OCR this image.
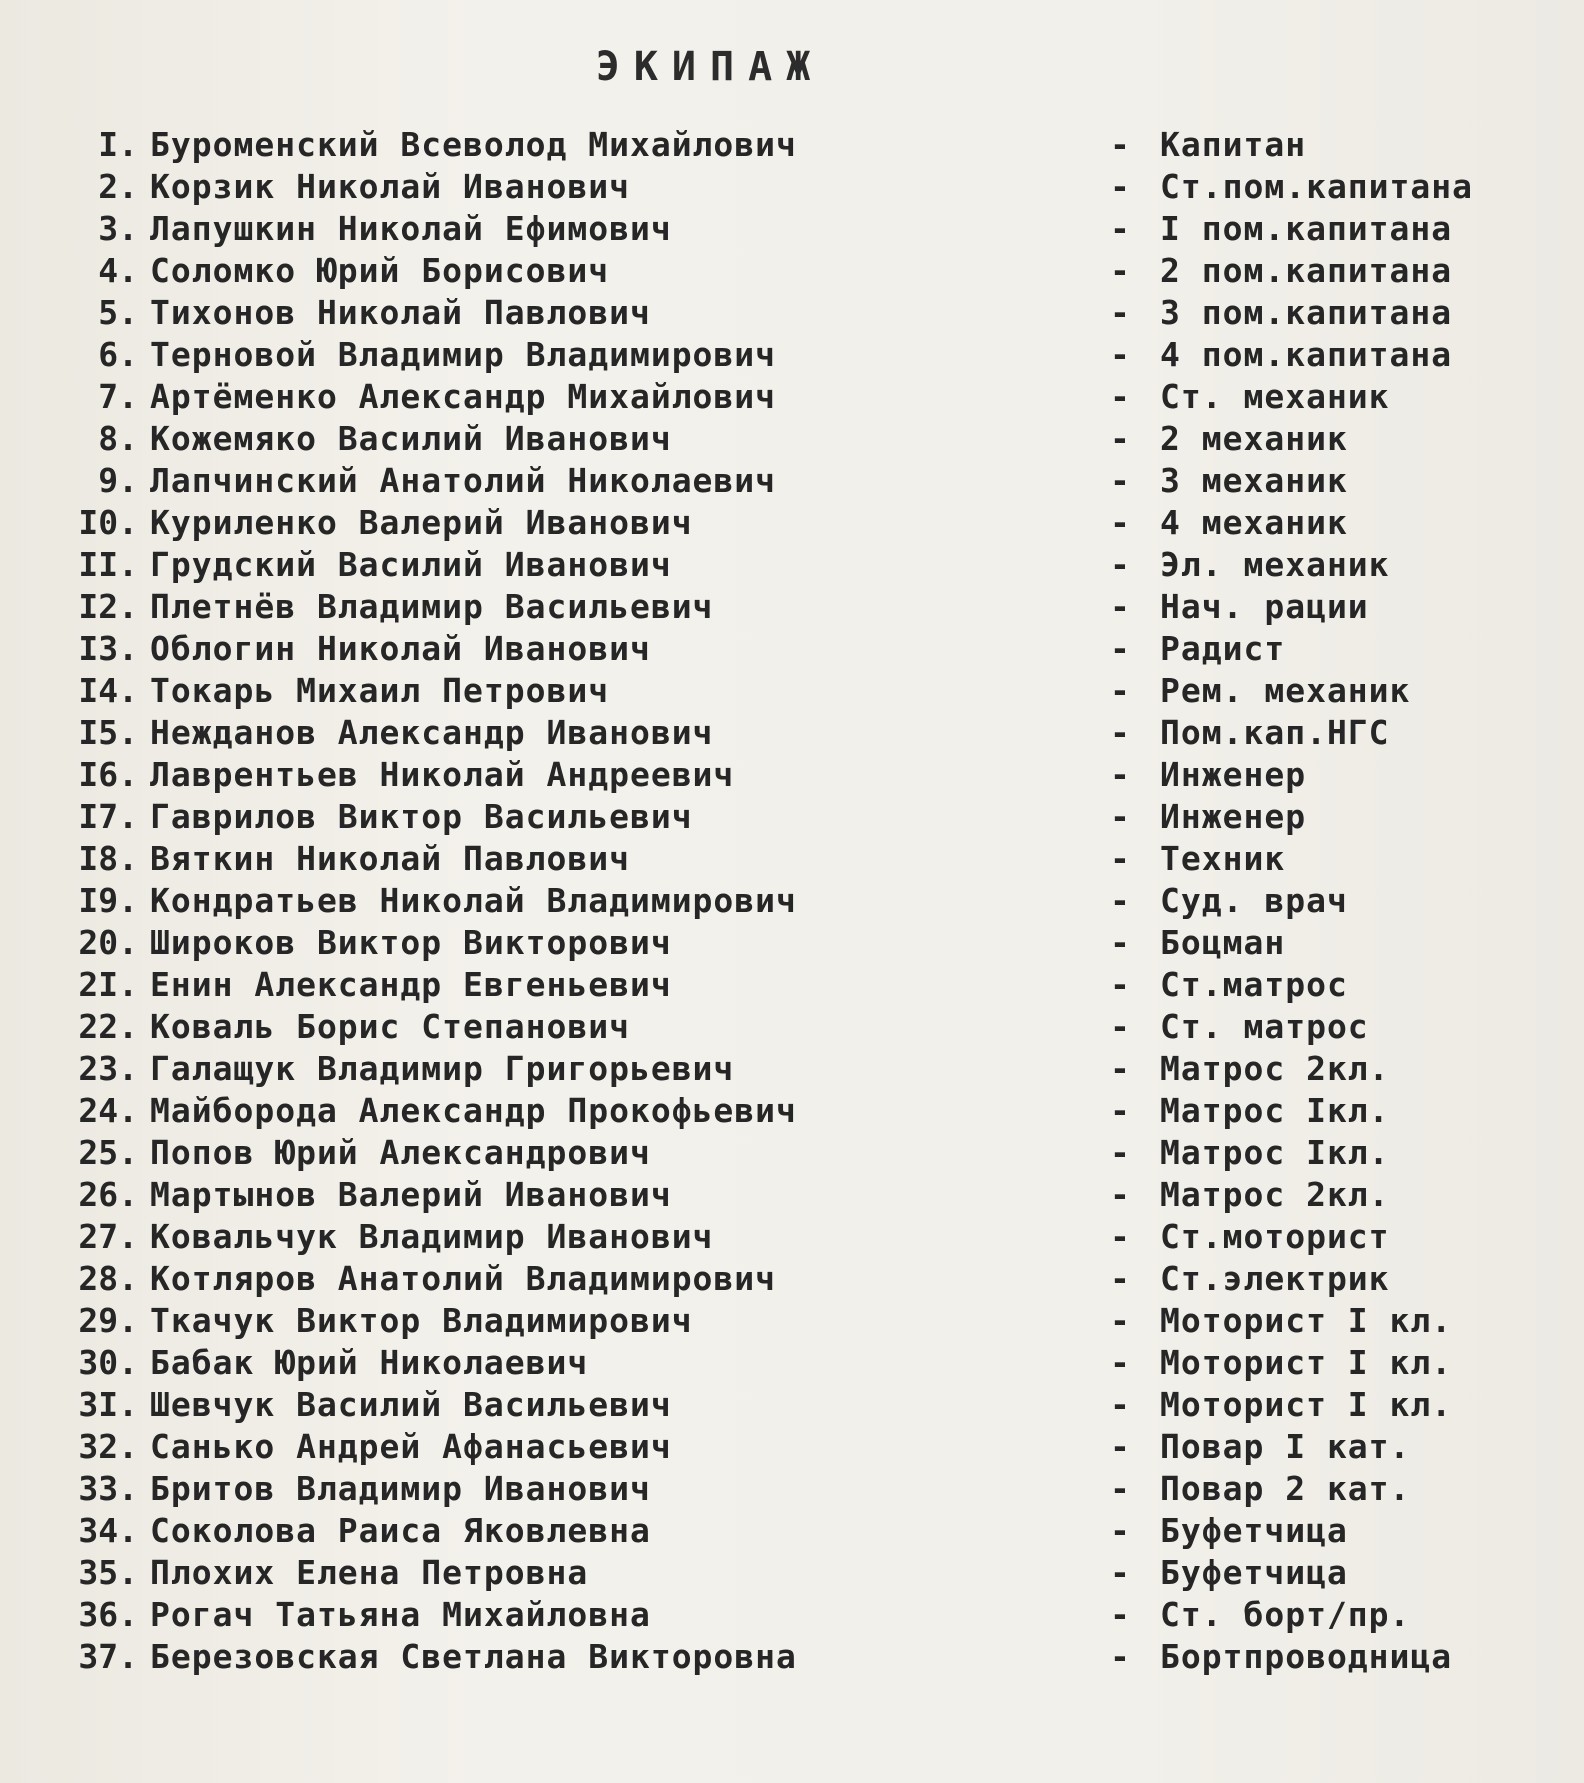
ЭКИПАЖ
I. Буроменский Всеволод Михайлович	- Капитан
2. Корзик Николай Иванович	- Ст.пом.капитана
3. Лапушкин Николай Ефимович	- I пом.капитана
4. Соломко Юрий Борисович	- 2 пом.капитана
5. Тихонов Николай Павлович	- 3 пом.капитана
6. Терновой Владимир Владимирович	- 4 пом.капитана
7. Артёменко Александр Михайлович	- Ст. механик
8. Кожемяко Василий Иванович	- 2 механик
9. Лапчинский Анатолий Николаевич	- 3 механик
I0. Куриленко Валерий Иванович	- 4 механик
II. Грудский Василий Иванович	- Эл. механик
I2. Плетнёв Владимир Васильевич	- Нач. рации
I3. Облогин Николай Иванович	- Радист
I4. Токарь Михаил Петрович	- Рем. механик
I5. Нежданов Александр Иванович	- Пом.кап.НГС
I6. Лаврентьев Николай Андреевич	- Инженер
I7. Гаврилов Виктор Васильевич	- Инженер
I8. Вяткин Николай Павлович	- Техник
I9. Кондратьев Николай Владимирович	- Суд. врач
20. Широков Виктор Викторович	- Боцман
2I. Енин Александр Евгеньевич	- Ст.матрос
22. Коваль Борис Степанович	- Ст. матрос
23. Галащук Владимир Григорьевич	- Матрос 2кл.
24. Майборода Александр Прокофьевич	- Матрос Iкл.
25. Попов Юрий Александрович	- Матрос Iкл.
26. Мартынов Валерий Иванович	- Матрос 2кл.
27. Ковальчук Владимир Иванович	- Ст.моторист
28. Котляров Анатолий Владимирович	- Ст.электрик
29. Ткачук Виктор Владимирович	- Моторист I кл.
30. Бабак Юрий Николаевич	- Моторист I кл.
3I. Шевчук Василий Васильевич	- Моторист I кл.
32. Санько Андрей Афанасьевич	- Повар I кат.
33. Бритов Владимир Иванович	- Повар 2 кат.
34. Соколова Раиса Яковлевна	- Буфетчица
35. Плохих Елена Петровна	- Буфетчица
36. Рогач Татьяна Михайловна	- Ст. борт/пр.
37. Березовская Светлана Викторовна	- Бортпроводница
